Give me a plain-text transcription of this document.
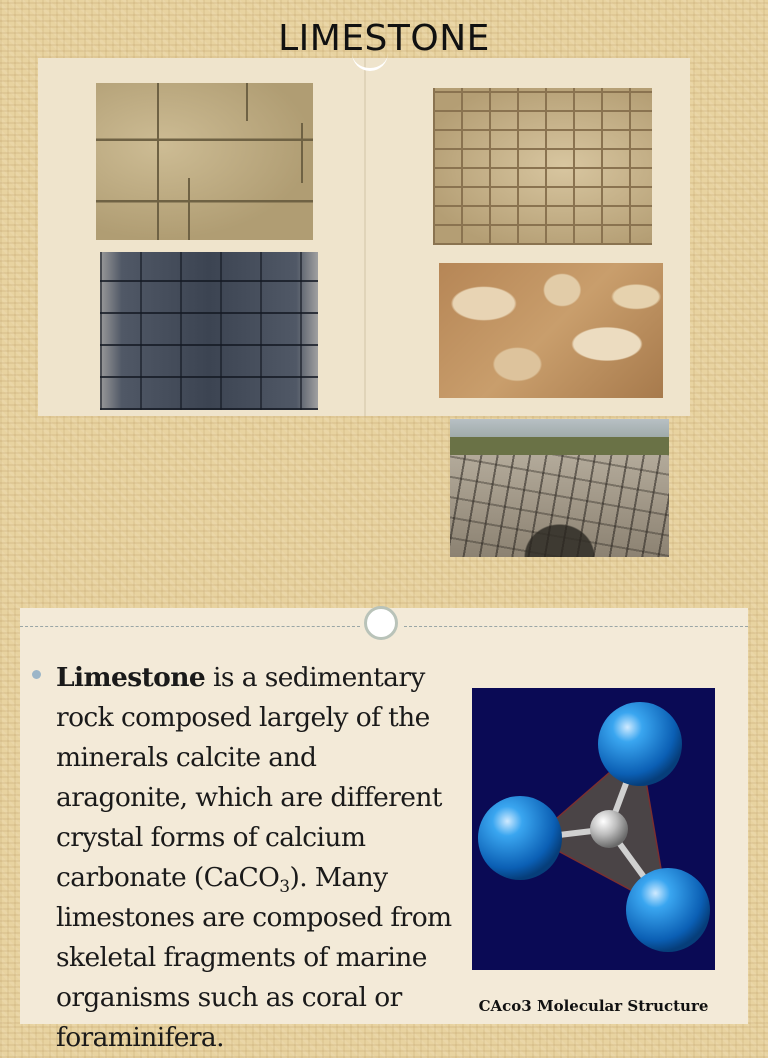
LIMESTONE
Limestone is a sedimentary
rock composed largely of the
minerals calcite and
aragonite, which are different
crystal forms of calcium
carbonate (CaCO$_3$). Many
limestones are composed from
skeletal fragments of marine
organisms such as coral or
foraminifera.
CAco3 Molecular Structure
